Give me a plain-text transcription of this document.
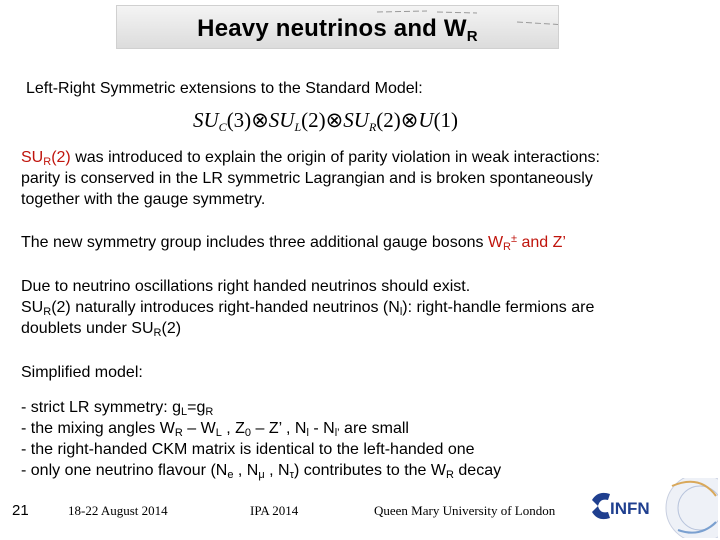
Heavy neutrinos and $W_R$
Left-Right Symmetric extensions to the Standard Model:
$SU_C(3)\otimes SU_L(2)\otimes SU_R(2)\otimes U(1)$
$SU_R(2)$ was introduced to explain the origin of parity violation in weak interactions:
parity is conserved in the LR symmetric Lagrangian and is broken spontaneously
together with the gauge symmetry.
The new symmetry group includes three additional gauge bosons $W_R^\pm$ and Z’
Due to neutrino oscillations right handed neutrinos should exist.
$SU_R(2)$ naturally introduces right-handed neutrinos $(N_l)$: right-handle fermions are
doublets under $SU_R(2)$
Simplified model:
- strict LR symmetry: $g_L=g_R$
- the mixing angles $W_R - W_L$ , $Z_0$ – Z’ , $N_l - N_{l’}$ are small
- the right-handed CKM matrix is identical to the left-handed one
- only one neutrino flavour ($N_e$ , $N_\mu$ , $N_\tau$) contributes to the $W_R$ decay
21	18-22 August 2014	IPA 2014	Queen Mary University of London	INFN
